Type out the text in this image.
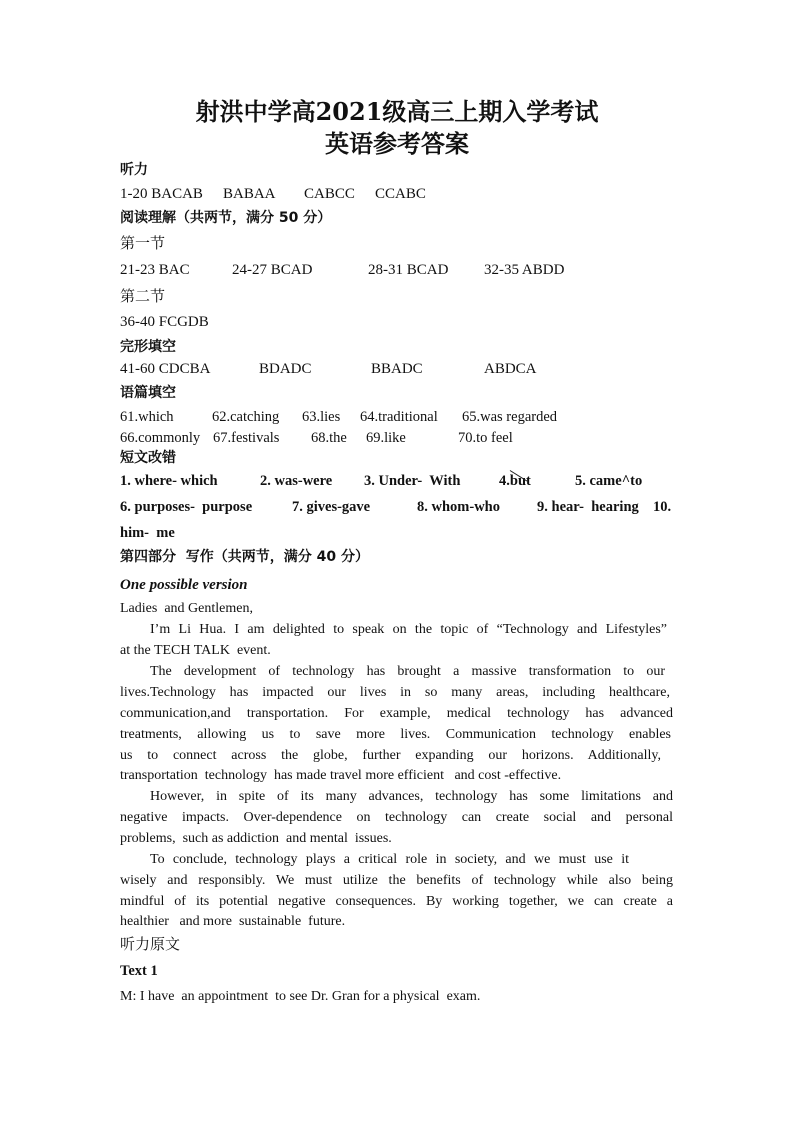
射洪中学高2021级高三上期入学考试
英语参考答案
听力
1-20 BACAB BABAA CABCC CCABC
阅读理解（共两节，满分 50 分）
第一节
21-23 BAC	24-27 BCAD	28-31 BCAD 32-35 ABDD
第二节
36-40 FCGDB
完形填空
41-60 CDCBA	BDADC	BBADC	ABDCA
语篇填空
61.which	62.catching 63.lies 64.traditional 65.was regarded
66.commonly 67.festivals 68.the 69.like	70.to feel
短文改错
1. where- which	2. was-were 3. Under-  With	4.but	5. came^to
6. purposes-  purpose	7. gives-gave	8. whom-who	9. hear-  hearing 10.
him-  me
第四部分  写作（共两节，满分 40 分）
One possible version
Ladies  and Gentlemen,
I’m Li Hua. I am delighted to speak on the topic of “Technology and Lifestyles”
at the TECH TALK  event.
The development of technology has brought a massive transformation to our
lives.Technology has impacted our lives in so many areas, including healthcare,
communication,and transportation. For example, medical technology has advanced
treatments, allowing us to save more lives. Communication technology enables
us to connect across the globe, further expanding our horizons. Additionally,
transportation  technology  has made travel more efficient   and cost -effective.
However, in spite of its many advances, technology has some limitations and
negative impacts. Over-dependence on technology can create social and personal
problems,  such as addiction  and mental  issues.
To conclude, technology plays a critical role in society, and we must use it
wisely and responsibly. We must utilize the benefits of technology while also being
mindful of its potential negative consequences. By working together, we can create a
healthier   and more  sustainable  future.
听力原文
Text 1
M: I have  an appointment  to see Dr. Gran for a physical  exam.
